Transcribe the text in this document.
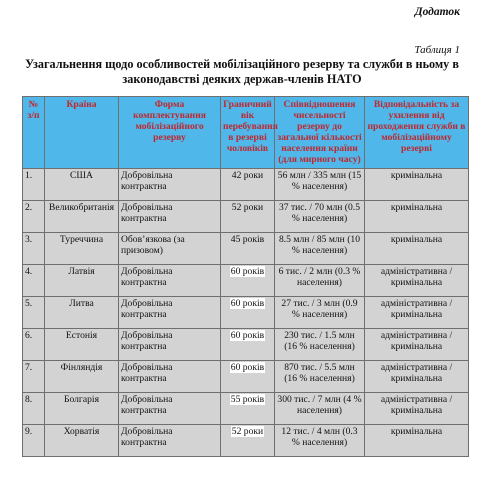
Додаток
Таблиця 1
Узагальнення щодо особливостей мобілізаційного резерву та служби в ньому в законодавстві деяких держав-членів НАТО
№ з/п	Країна	Форма комплектування мобілізаційного резерву	Граничний вік перебування в резерві чоловіків	Співвідношення чисельності резерву до загальної кількості населення країни (для мирного часу)	Відповідальність за ухилення від проходження служби в мобілізаційному резерві
1.	США	Добровільна контрактна	42 роки	56 млн / 335 млн (15 % населення)	кримінальна
2.	Великобританія	Добровільна контрактна	52 роки	37 тис. / 70 млн (0.5 % населення)	кримінальна
3.	Туреччина	Обов’язкова (за призовом)	45 років	8.5 млн / 85 млн (10 % населення)	кримінальна
4.	Латвія	Добровільна контрактна	60 років	6 тис. / 2 млн (0.3 % населення)	адміністративна / кримінальна
5.	Литва	Добровільна контрактна	60 років	27 тис. / 3 млн (0.9 % населення)	адміністративна / кримінальна
6.	Естонія	Добровільна контрактна	60 років	230 тис. / 1.5 млн (16 % населення)	адміністративна / кримінальна
7.	Фінляндія	Добровільна контрактна	60 років	870 тис. / 5.5 млн (16 % населення)	адміністративна / кримінальна
8.	Болгарія	Добровільна контрактна	55 років	300 тис. / 7 млн (4 % населення)	адміністративна / кримінальна
9.	Хорватія	Добровільна контрактна	52 роки	12 тис. / 4 млн (0.3 % населення)	кримінальна
